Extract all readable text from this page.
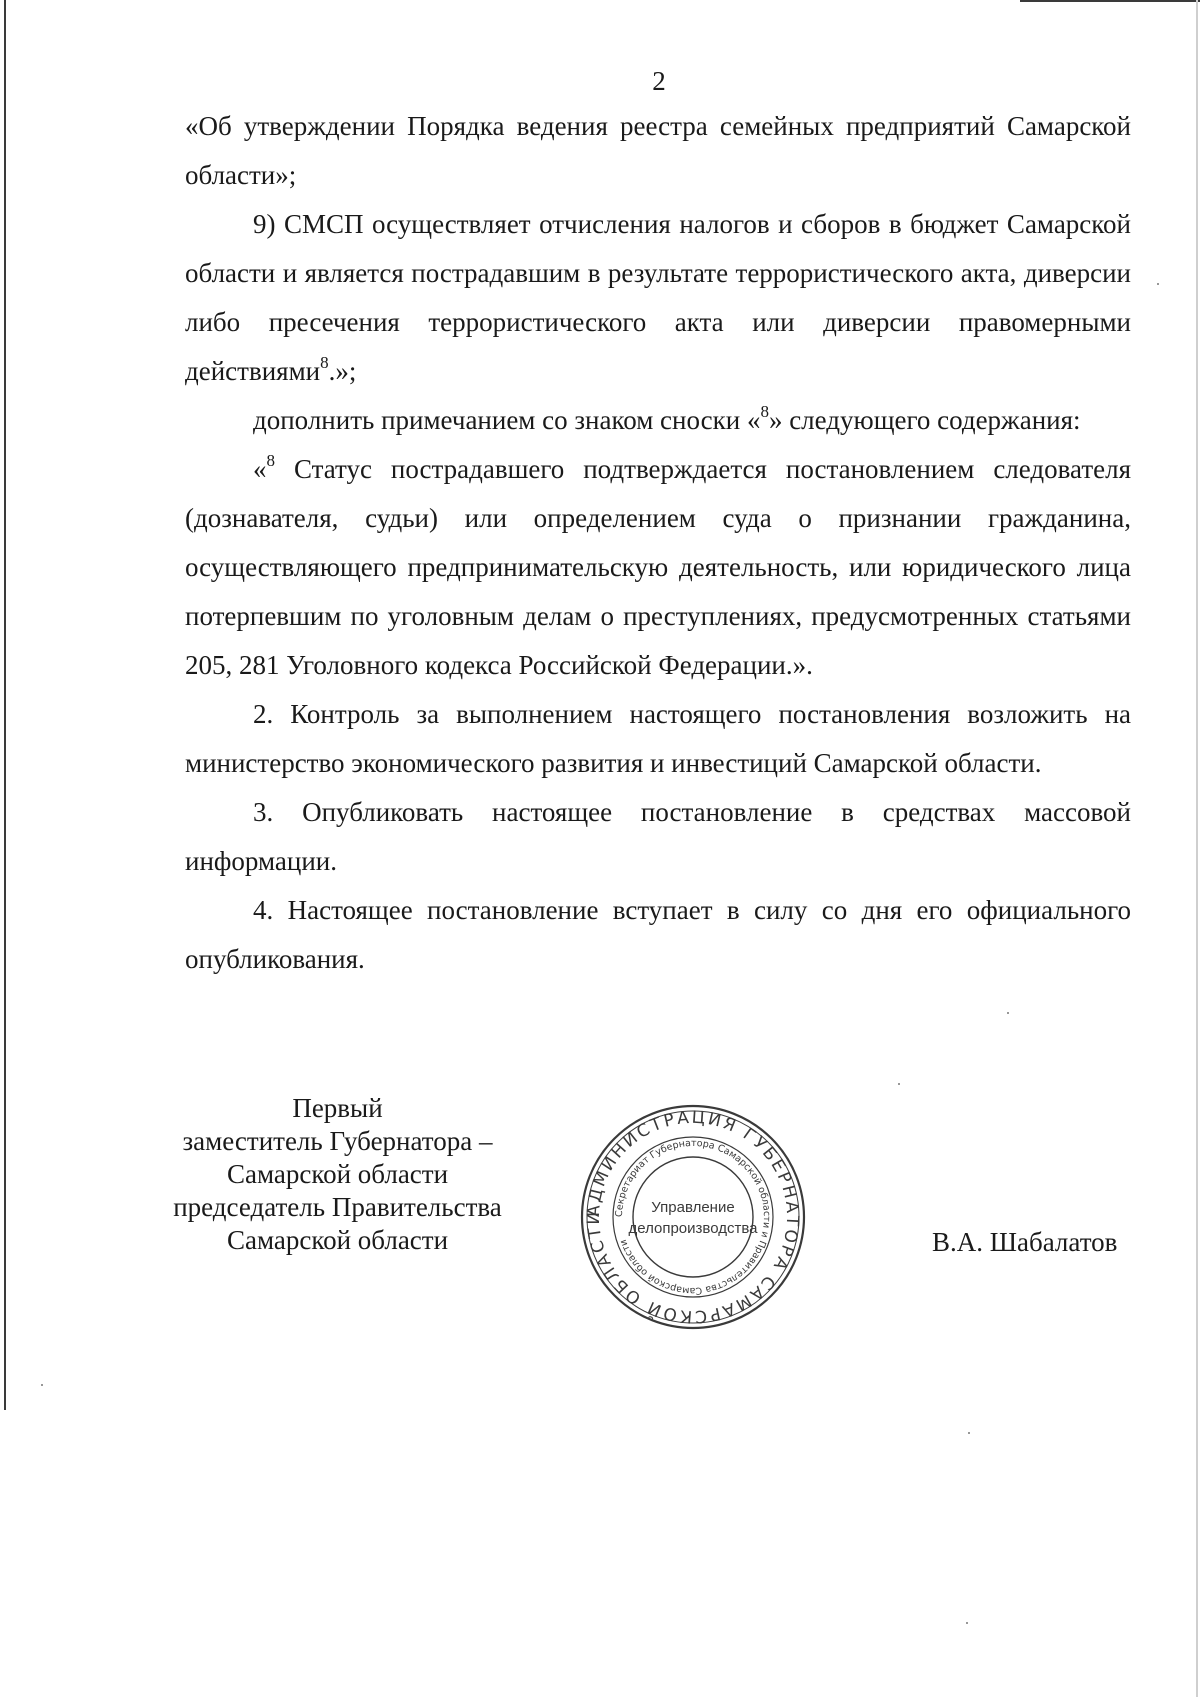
2

«Об утверждении Порядка ведения реестра семейных предприятий Самарской области»;

9) СМСП осуществляет отчисления налогов и сборов в бюджет Самарской области и является пострадавшим в результате террористического акта, диверсии либо пресечения террористического акта или диверсии правомерными действиями$^8$.»;

дополнить примечанием со знаком сноски «$^8$» следующего содержания:

«$^8$ Статус пострадавшего подтверждается постановлением следователя (дознавателя, судьи) или определением суда о признании гражданина, осуществляющего предпринимательскую деятельность, или юридического лица потерпевшим по уголовным делам о преступлениях, предусмотренных статьями 205, 281 Уголовного кодекса Российской Федерации.».

2. Контроль за выполнением настоящего постановления возложить на министерство экономического развития и инвестиций Самарской области.

3. Опубликовать настоящее постановление в средствах массовой информации.

4. Настоящее постановление вступает в силу со дня его официального опубликования.

Первый
заместитель Губернатора –
Самарской области
председатель Правительства
Самарской области
АДМИНИСТРАЦИЯ ГУБЕРНАТОРА САМАРСКОЙ ОБЛАСТИ	Секретариат Губернатора Самарской области и Правительства Самарской области
Управление
делопроизводства	В.А. Шабалатов
